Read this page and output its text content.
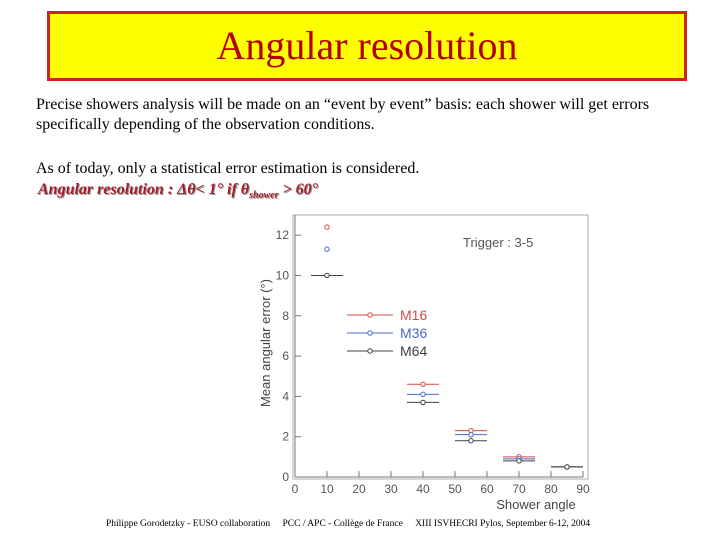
Angular resolution
Precise showers analysis will be made on an “event by event” basis: each shower will get errors specifically depending of the observation conditions.
As of today, only a statistical error estimation is considered.
Angular resolution : Δθ< 1° if $\theta_{shower} > 60^\circ$
0
2
4
6
8
10
12
0 10 20 30 40 50 60 70 80 90
M16
M36
M64
Trigger : 3-5
Shower angle
Mean angular error (°)
Philippe Gorodetzky - EUSO collaboration PCC / APC - Collège de France XIII ISVHECRI Pylos, September 6-12, 2004
